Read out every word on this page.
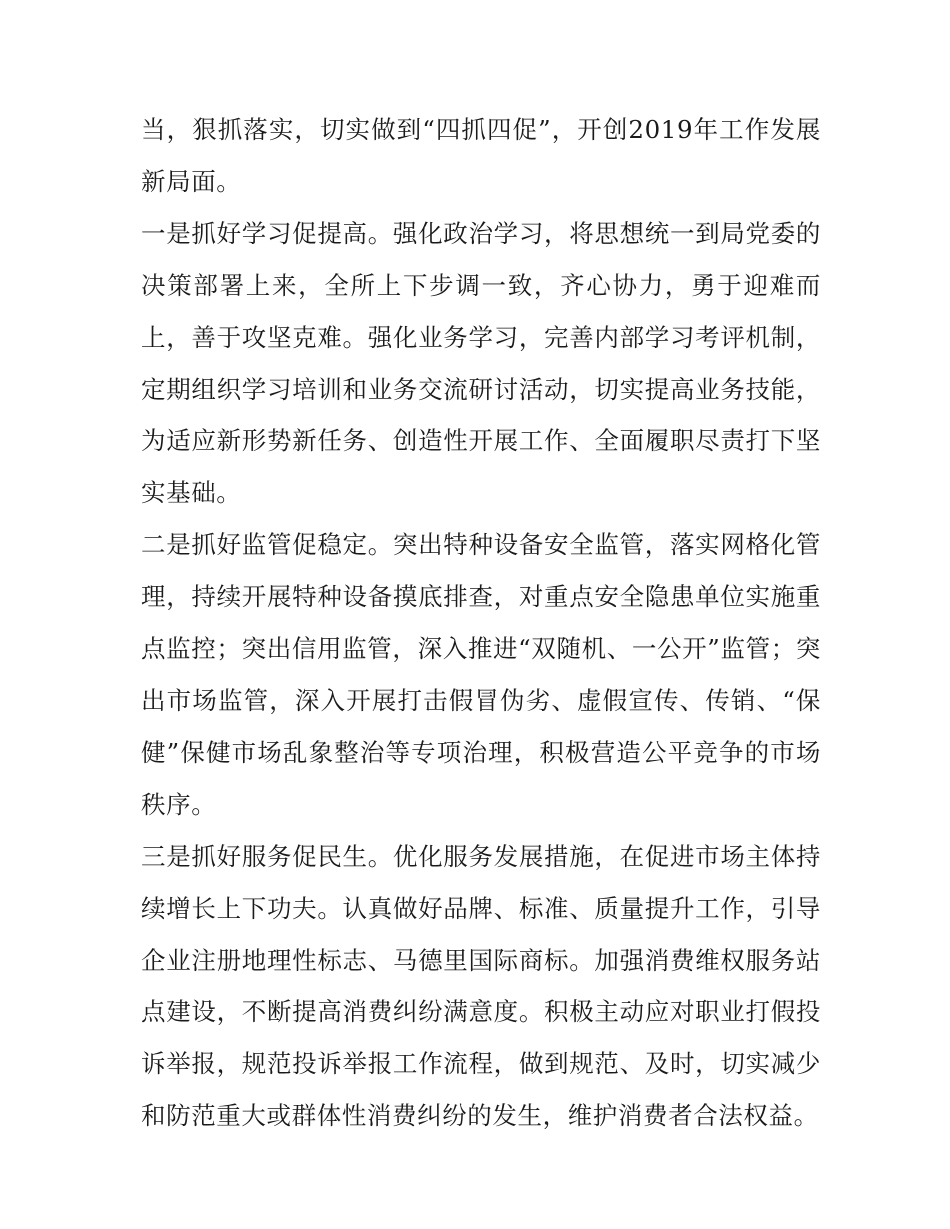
当，狠抓落实，切实做到“四抓四促”，开创2019年工作发展新局面。

一是抓好学习促提高。强化政治学习，将思想统一到局党委的决策部署上来，全所上下步调一致，齐心协力，勇于迎难而上，善于攻坚克难。强化业务学习，完善内部学习考评机制，定期组织学习培训和业务交流研讨活动，切实提高业务技能，为适应新形势新任务、创造性开展工作、全面履职尽责打下坚实基础。

二是抓好监管促稳定。突出特种设备安全监管，落实网格化管理，持续开展特种设备摸底排查，对重点安全隐患单位实施重点监控；突出信用监管，深入推进“双随机、一公开”监管；突出市场监管，深入开展打击假冒伪劣、虚假宣传、传销、“保健”保健市场乱象整治等专项治理，积极营造公平竞争的市场秩序。

三是抓好服务促民生。优化服务发展措施，在促进市场主体持续增长上下功夫。认真做好品牌、标准、质量提升工作，引导企业注册地理性标志、马德里国际商标。加强消费维权服务站点建设，不断提高消费纠纷满意度。积极主动应对职业打假投诉举报，规范投诉举报工作流程，做到规范、及时，切实减少和防范重大或群体性消费纠纷的发生，维护消费者合法权益。
